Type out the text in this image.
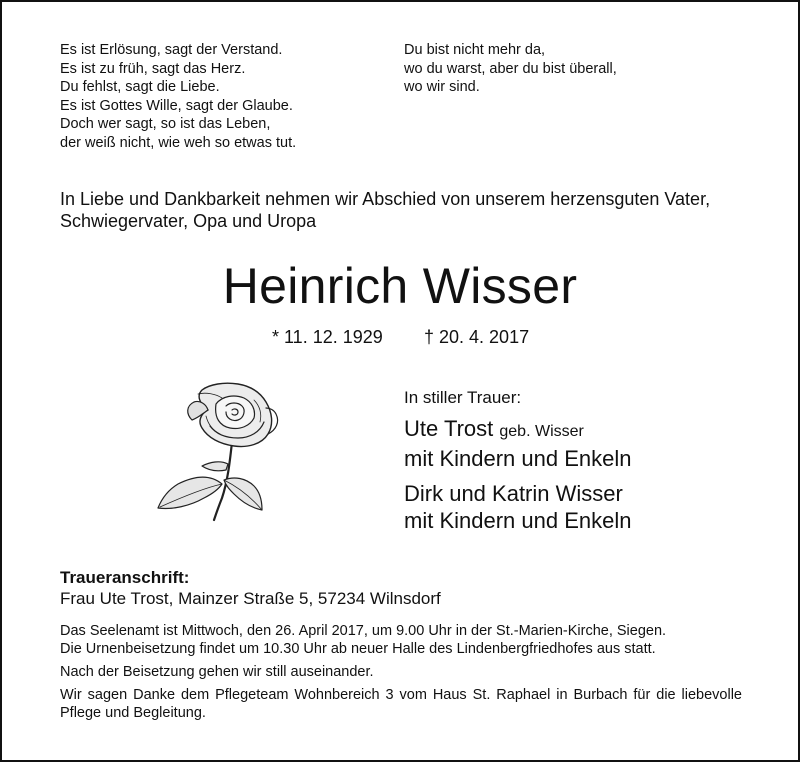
Es ist Erlösung, sagt der Verstand.
Es ist zu früh, sagt das Herz.
Du fehlst, sagt die Liebe.
Es ist Gottes Wille, sagt der Glaube.
Doch wer sagt, so ist das Leben,
der weiß nicht, wie weh so etwas tut.
Du bist nicht mehr da,
wo du warst, aber du bist überall,
wo wir sind.
In Liebe und Dankbarkeit nehmen wir Abschied von unserem herzensguten Vater,
Schwiegervater, Opa und Uropa
Heinrich Wisser
* 11. 12. 1929 † 20. 4. 2017
In stiller Trauer:
Ute Trost geb. Wisser
mit Kindern und Enkeln
Dirk und Katrin Wisser
mit Kindern und Enkeln
Traueranschrift:
Frau Ute Trost, Mainzer Straße 5, 57234 Wilnsdorf

Das Seelenamt ist Mittwoch, den 26. April 2017, um 9.00 Uhr in der St.-Marien-Kirche, Siegen.
Die Urnenbeisetzung findet um 10.30 Uhr ab neuer Halle des Lindenbergfriedhofes aus statt.

Nach der Beisetzung gehen wir still auseinander.

Wir sagen Danke dem Pflegeteam Wohnbereich 3 vom Haus St. Raphael in Burbach für die liebevolle Pflege und Begleitung.
